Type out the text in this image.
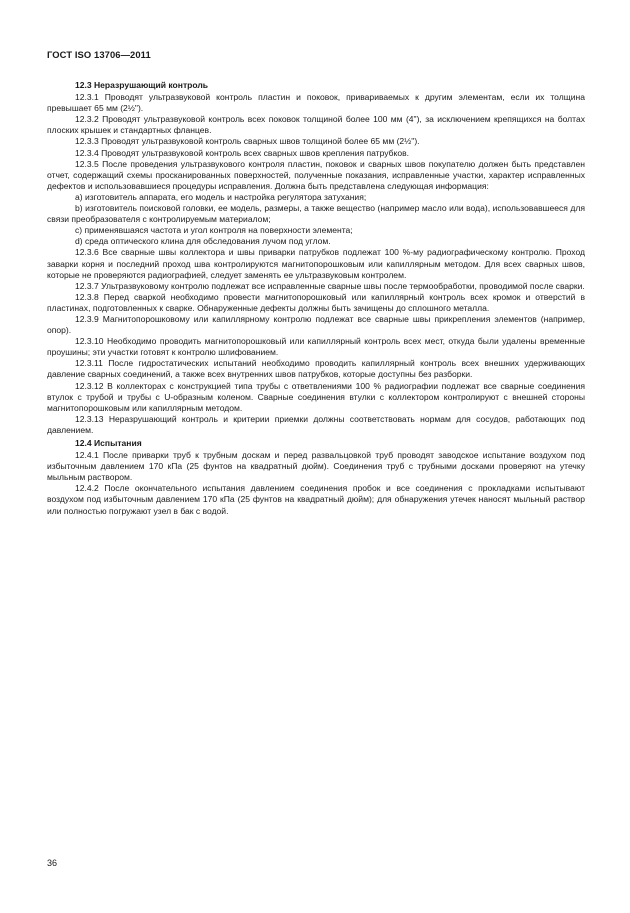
ГОСТ ISO 13706—2011

12.3 Неразрушающий контроль

12.3.1 Проводят ультразвуковой контроль пластин и поковок, привариваемых к другим элементам, если их толщина превышает 65 мм (2½").

12.3.2 Проводят ультразвуковой контроль всех поковок толщиной более 100 мм (4"), за исключением крепящихся на болтах плоских крышек и стандартных фланцев.

12.3.3 Проводят ультразвуковой контроль сварных швов толщиной более 65 мм (2½").

12.3.4 Проводят ультразвуковой контроль всех сварных швов крепления патрубков.

12.3.5 После проведения ультразвукового контроля пластин, поковок и сварных швов покупателю должен быть представлен отчет, содержащий схемы просканированных поверхностей, полученные показания, исправленные участки, характер исправленных дефектов и использовавшиеся процедуры исправления. Должна быть представлена следующая информация:

a) изготовитель аппарата, его модель и настройка регулятора затухания;

b) изготовитель поисковой головки, ее модель, размеры, а также вещество (например масло или вода), использовавшееся для связи преобразователя с контролируемым материалом;

c) применявшаяся частота и угол контроля на поверхности элемента;

d) среда оптического клина для обследования лучом под углом.

12.3.6 Все сварные швы коллектора и швы приварки патрубков подлежат 100 %-му радиографическому контролю. Проход заварки корня и последний проход шва контролируются магнитопорошковым или капиллярным методом. Для всех сварных швов, которые не проверяются радиографией, следует заменять ее ультразвуковым контролем.

12.3.7 Ультразвуковому контролю подлежат все исправленные сварные швы после термообработки, проводимой после сварки.

12.3.8 Перед сваркой необходимо провести магнитопорошковый или капиллярный контроль всех кромок и отверстий в пластинах, подготовленных к сварке. Обнаруженные дефекты должны быть зачищены до сплошного металла.

12.3.9 Магнитопорошковому или капиллярному контролю подлежат все сварные швы прикрепления элементов (например, опор).

12.3.10 Необходимо проводить магнитопорошковый или капиллярный контроль всех мест, откуда были удалены временные проушины; эти участки готовят к контролю шлифованием.

12.3.11 После гидростатических испытаний необходимо проводить капиллярный контроль всех внешних удерживающих давление сварных соединений, а также всех внутренних швов патрубков, которые доступны без разборки.

12.3.12 В коллекторах с конструкцией типа трубы с ответвлениями 100 % радиографии подлежат все сварные соединения втулок с трубой и трубы с U-образным коленом. Сварные соединения втулки с коллектором контролируют с внешней стороны магнитопорошковым или капиллярным методом.

12.3.13 Неразрушающий контроль и критерии приемки должны соответствовать нормам для сосудов, работающих под давлением.

12.4 Испытания

12.4.1 После приварки труб к трубным доскам и перед развальцовкой труб проводят заводское испытание воздухом под избыточным давлением 170 кПа (25 фунтов на квадратный дюйм). Соединения труб с трубными досками проверяют на утечку мыльным раствором.

12.4.2 После окончательного испытания давлением соединения пробок и все соединения с прокладками испытывают воздухом под избыточным давлением 170 кПа (25 фунтов на квадратный дюйм); для обнаружения утечек наносят мыльный раствор или полностью погружают узел в бак с водой.

36
